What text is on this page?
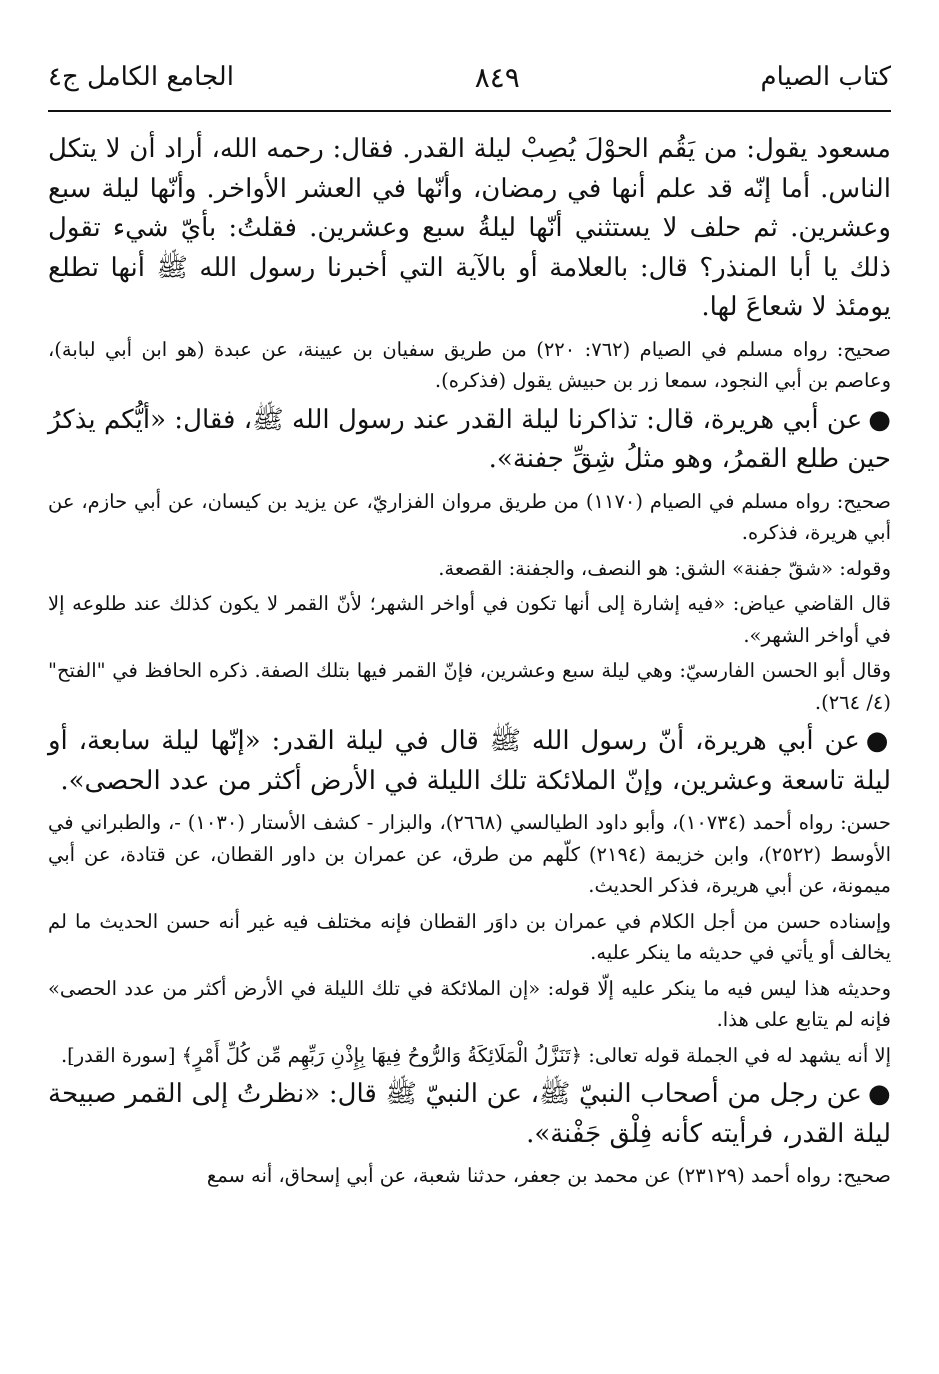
كتاب الصيام
٨٤٩
الجامع الكامل ج٤

مسعود يقول: من يَقُم الحوْلَ يُصِبْ ليلة القدر. فقال: رحمه الله، أراد أن لا يتكل الناس. أما إنّه قد علم أنها في رمضان، وأنّها في العشر الأواخر. وأنّها ليلة سبع وعشرين. ثم حلف لا يستثني أنّها ليلةُ سبع وعشرين. فقلتُ: بأيّ شيء تقول ذلك يا أبا المنذر؟ قال: بالعلامة أو بالآية التي أخبرنا رسول الله ﷺ أنها تطلع يومئذ لا شعاعَ لها.

صحيح: رواه مسلم في الصيام (٧٦٢: ٢٢٠) من طريق سفيان بن عيينة، عن عبدة (هو ابن أبي لبابة)، وعاصم بن أبي النجود، سمعا زر بن حبيش يقول (فذكره).

●عن أبي هريرة، قال: تذاكرنا ليلة القدر عند رسول الله ﷺ، فقال: «أيُّكم يذكرُ حين طلع القمرُ، وهو مثلُ شِقِّ جفنة».

صحيح: رواه مسلم في الصيام (١١٧٠) من طريق مروان الفزاريّ، عن يزيد بن كيسان، عن أبي حازم، عن أبي هريرة، فذكره.

وقوله: «شقّ جفنة» الشق: هو النصف، والجفنة: القصعة.

قال القاضي عياض: «فيه إشارة إلى أنها تكون في أواخر الشهر؛ لأنّ القمر لا يكون كذلك عند طلوعه إلا في أواخر الشهر».

وقال أبو الحسن الفارسيّ: وهي ليلة سبع وعشرين، فإنّ القمر فيها بتلك الصفة. ذكره الحافظ في "الفتح" (٤/ ٢٦٤).

●عن أبي هريرة، أنّ رسول الله ﷺ قال في ليلة القدر: «إنّها ليلة سابعة، أو ليلة تاسعة وعشرين، وإنّ الملائكة تلك الليلة في الأرض أكثر من عدد الحصى».

حسن: رواه أحمد (١٠٧٣٤)، وأبو داود الطيالسي (٢٦٦٨)، والبزار - كشف الأستار (١٠٣٠) -، والطبراني في الأوسط (٢٥٢٢)، وابن خزيمة (٢١٩٤) كلّهم من طرق، عن عمران بن داور القطان، عن قتادة، عن أبي ميمونة، عن أبي هريرة، فذكر الحديث.

وإسناده حسن من أجل الكلام في عمران بن داوَر القطان فإنه مختلف فيه غير أنه حسن الحديث ما لم يخالف أو يأتي في حديثه ما ينكر عليه.

وحديثه هذا ليس فيه ما ينكر عليه إلّا قوله: «إن الملائكة في تلك الليلة في الأرض أكثر من عدد الحصى» فإنه لم يتابع على هذا.

إلا أنه يشهد له في الجملة قوله تعالى: ﴿تَنَزَّلُ الْمَلَائِكَةُ وَالرُّوحُ فِيهَا بِإِذْنِ رَبِّهِم مِّن كُلِّ أَمْرٍ﴾ [سورة القدر].

●عن رجل من أصحاب النبيّ ﷺ، عن النبيّ ﷺ قال: «نظرتُ إلى القمر صبيحة ليلة القدر، فرأيته كأنه فِلْق جَفْنة».

صحيح: رواه أحمد (٢٣١٢٩) عن محمد بن جعفر، حدثنا شعبة، عن أبي إسحاق، أنه سمع
